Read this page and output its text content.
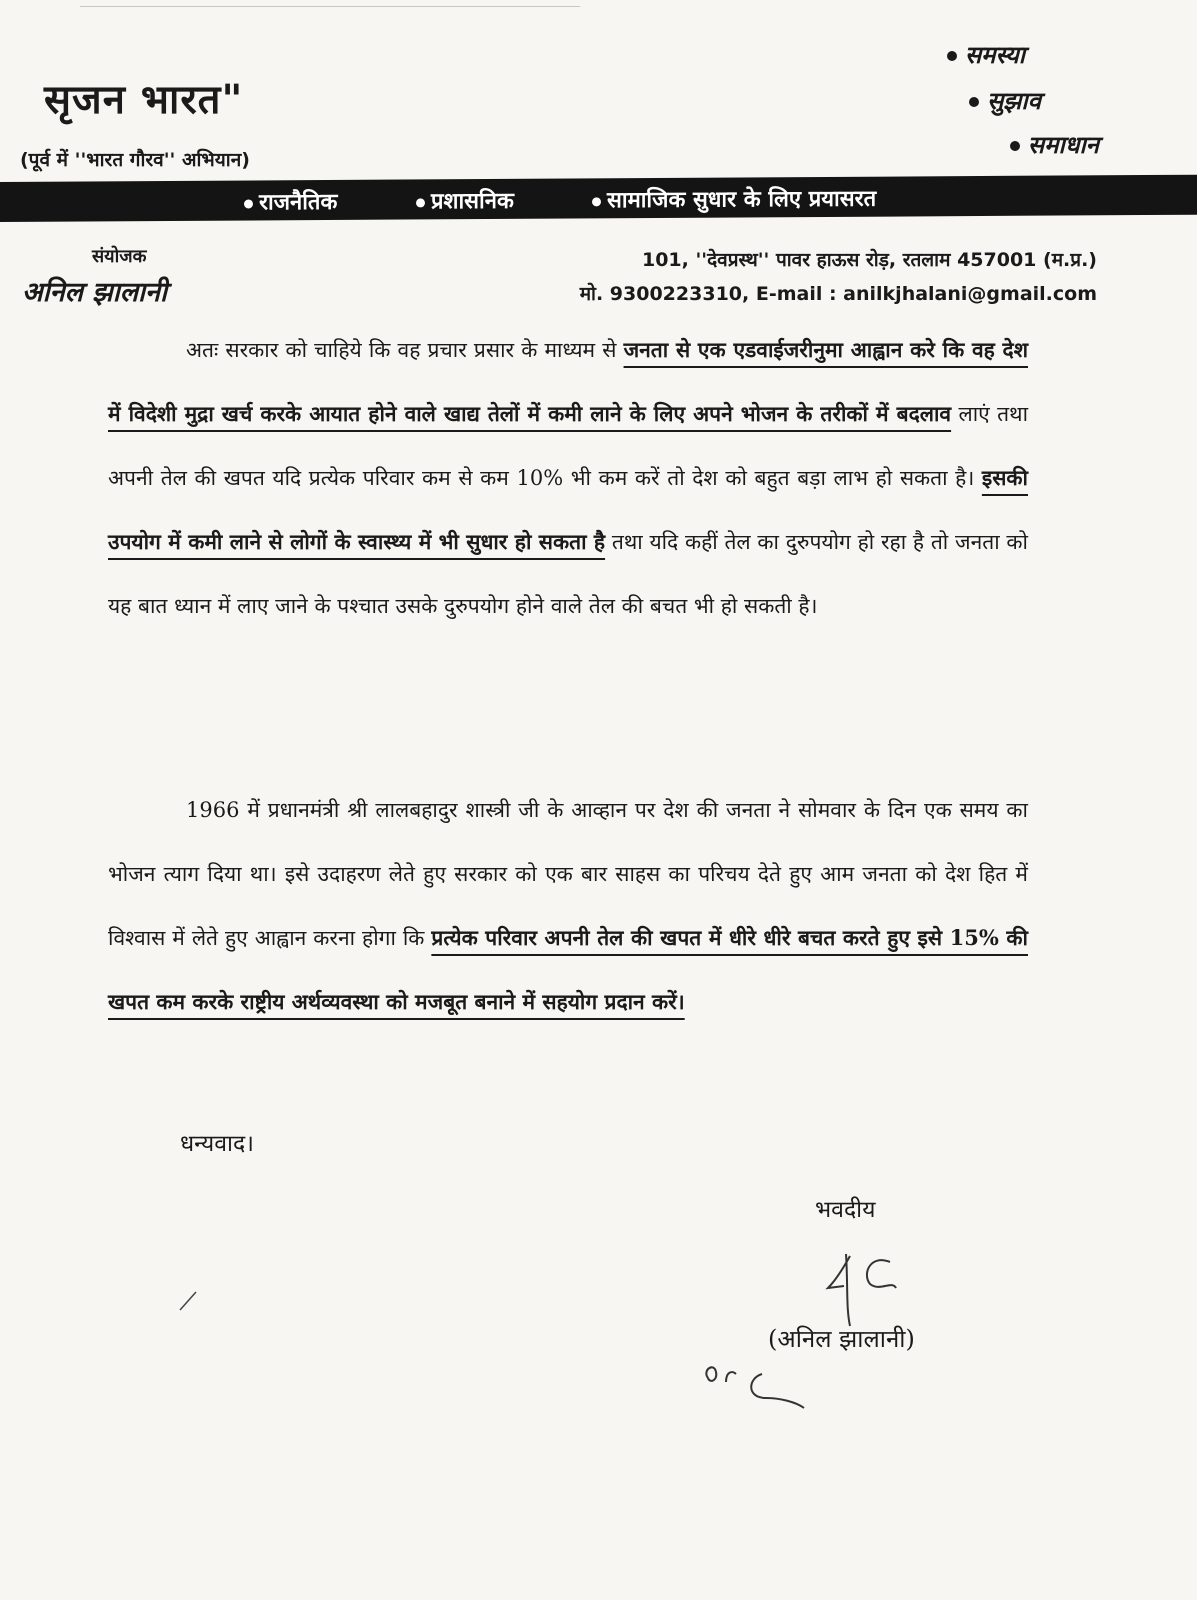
सृजन भारत"
(पूर्व में ''भारत गौरव'' अभियान)
समस्या
सुझाव
समाधान
राजनैतिक	प्रशासनिक	सामाजिक सुधार के लिए प्रयासरत
संयोजक
अनिल झालानी
101, ''देवप्रस्थ'' पावर हाऊस रोड़, रतलाम 457001 (म.प्र.)
मो. 9300223310, E-mail : anilkjhalani@gmail.com
अतः सरकार को चाहिये कि वह प्रचार प्रसार के माध्यम से जनता से एक एडवाईजरीनुमा आह्वान करे कि वह देश में विदेशी मुद्रा खर्च करके आयात होने वाले खाद्य तेलों में कमी लाने के लिए अपने भोजन के तरीकों में बदलाव लाएं तथा अपनी तेल की खपत यदि प्रत्येक परिवार कम से कम 10% भी कम करें तो देश को बहुत बड़ा लाभ हो सकता है। इसकी उपयोग में कमी लाने से लोगों के स्वास्थ्य में भी सुधार हो सकता है तथा यदि कहीं तेल का दुरुपयोग हो रहा है तो जनता को यह बात ध्यान में लाए जाने के पश्चात उसके दुरुपयोग होने वाले तेल की बचत भी हो सकती है।
1966 में प्रधानमंत्री श्री लालबहादुर शास्त्री जी के आव्हान पर देश की जनता ने सोमवार के दिन एक समय का भोजन त्याग दिया था। इसे उदाहरण लेते हुए सरकार को एक बार साहस का परिचय देते हुए आम जनता को देश हित में विश्वास में लेते हुए आह्वान करना होगा कि प्रत्येक परिवार अपनी तेल की खपत में धीरे धीरे बचत करते हुए इसे 15% की खपत कम करके राष्ट्रीय अर्थव्यवस्था को मजबूत बनाने में सहयोग प्रदान करें।
धन्यवाद।
भवदीय
(अनिल झालानी)
